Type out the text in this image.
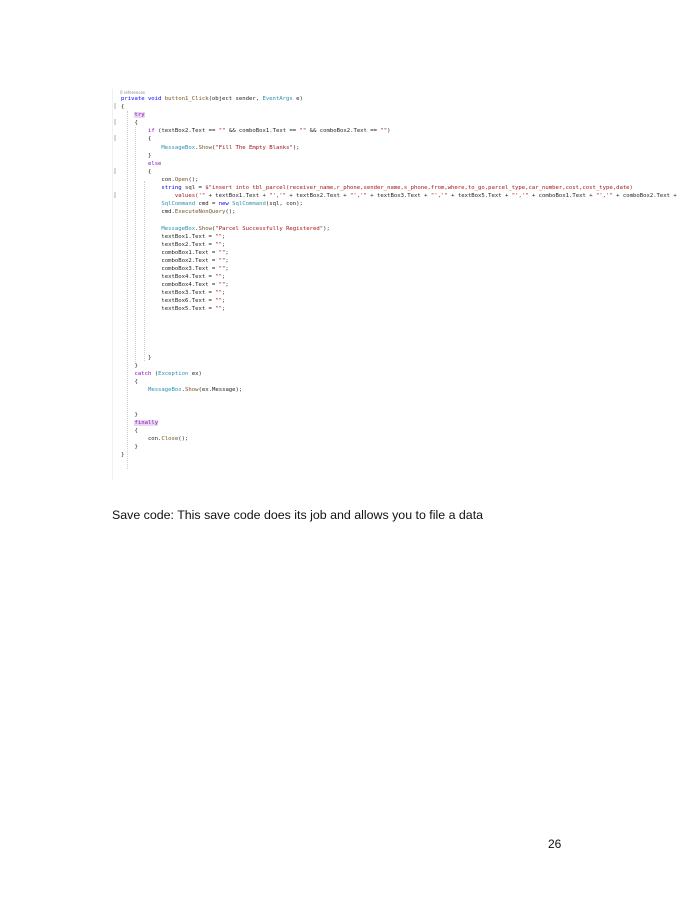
0 references
private void button1_Click(object sender, EventArgs e)
{
try
{
if (textBox2.Text == "" && comboBox1.Text == "" && comboBox2.Text == "")
{
MessageBox.Show("Fill The Empty Blanks");
}
else
{
con.Open();
string sql = $"insert into tbl_parcel(receiver_name,r_phone,sender_name,s_phone,from,where,to_go,parcel_type,car_number,cost,cost_type,date)
values('" + textBox1.Text + "','" + textBox2.Text + "','" + textBox3.Text + "','" + textBox5.Text + "','" + comboBox1.Text + "','" + comboBox2.Text +
SqlCommand cmd = new SqlCommand(sql, con);
cmd.ExecuteNonQuery();

MessageBox.Show("Parcel Successfully Registered");
textBox1.Text = "";
textBox2.Text = "";
comboBox1.Text = "";
comboBox2.Text = "";
comboBox3.Text = "";
textBox4.Text = "";
comboBox4.Text = "";
textBox3.Text = "";
textBox6.Text = "";
textBox5.Text = "";

}
}
catch (Exception ex)
{
MessageBox.Show(ex.Message);

}
finally
{
con.Close();
}
}
Save code: This save code does its job and allows you to file a data
26
